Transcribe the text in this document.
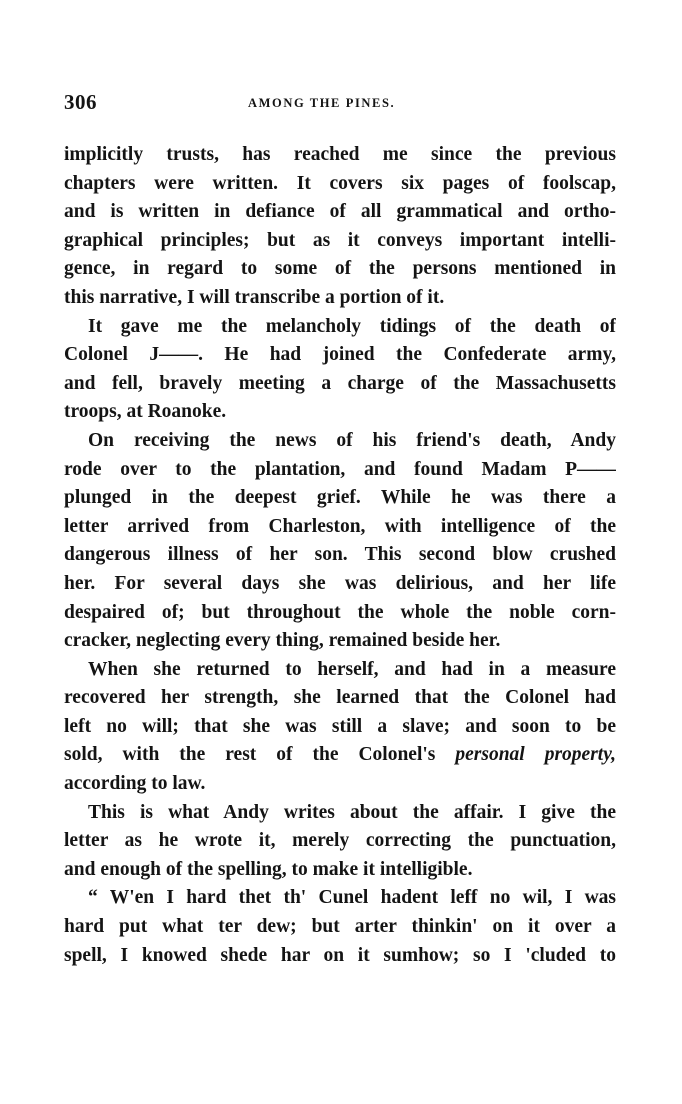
306	AMONG THE PINES.
implicitly trusts, has reached me since the previous
chapters were written. It covers six pages of foolscap,
and is written in defiance of all grammatical and ortho-
graphical principles; but as it conveys important intelli-
gence, in regard to some of the persons mentioned in
this narrative, I will transcribe a portion of it.
It gave me the melancholy tidings of the death of
Colonel J——. He had joined the Confederate army,
and fell, bravely meeting a charge of the Massachusetts
troops, at Roanoke.
On receiving the news of his friend's death, Andy
rode over to the plantation, and found Madam P——
plunged in the deepest grief. While he was there a
letter arrived from Charleston, with intelligence of the
dangerous illness of her son. This second blow crushed
her. For several days she was delirious, and her life
despaired of; but throughout the whole the noble corn-
cracker, neglecting every thing, remained beside her.
When she returned to herself, and had in a measure
recovered her strength, she learned that the Colonel had
left no will; that she was still a slave; and soon to be
sold, with the rest of the Colonel's personal property,
according to law.
This is what Andy writes about the affair. I give the
letter as he wrote it, merely correcting the punctuation,
and enough of the spelling, to make it intelligible.
“ W'en I hard thet th' Cunel hadent leff no wil, I was
hard put what ter dew; but arter thinkin' on it over a
spell, I knowed shede har on it sumhow; so I 'cluded to
